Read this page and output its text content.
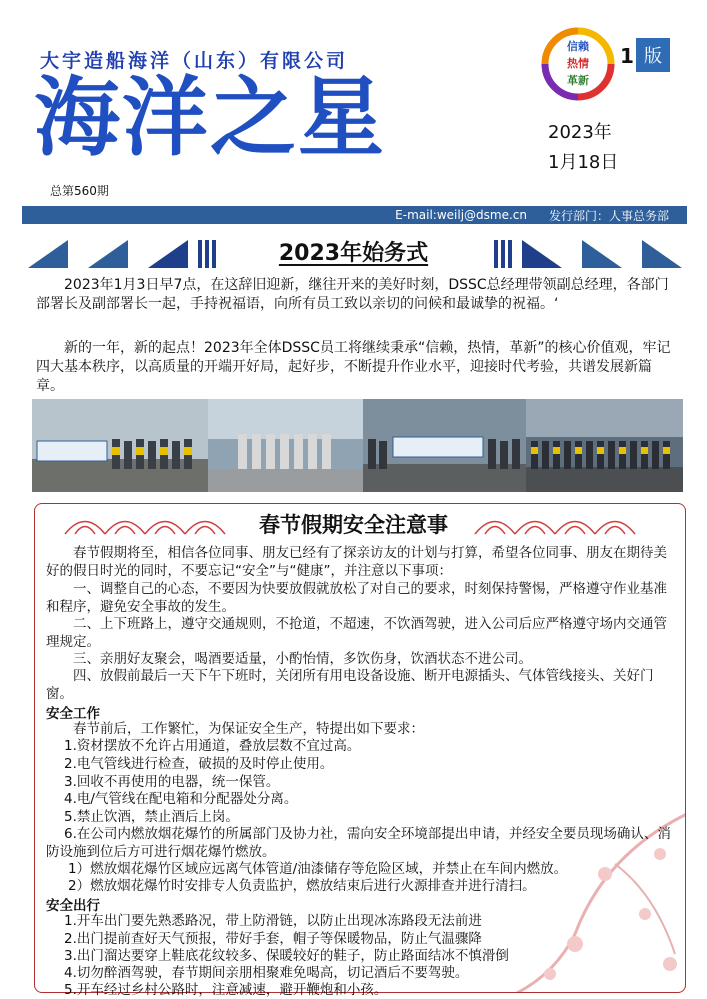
大宇造船海洋（山东）有限公司
海洋之星
总第560期
信赖
热情
革新
1 版
2023年
1月18日
E-mail:weilj@dsme.cn 发行部门：人事总务部
2023年始务式
2023年1月3日早7点，在这辞旧迎新，继往开来的美好时刻，DSSC总经理带领副总经理，各部门部署长及副部署长一起，手持祝福语，向所有员工致以亲切的问候和最诚挚的祝福。‘
新的一年，新的起点！2023年全体DSSC员工将继续秉承“信赖，热情，革新”的核心价值观，牢记四大基本秩序，以高质量的开端开好局，起好步，不断提升作业水平，迎接时代考验，共谱发展新篇章。
春节假期安全注意事
春节假期将至，相信各位同事、朋友已经有了探亲访友的计划与打算，希望各位同事、朋友在期待美好的假日时光的同时，不要忘记“安全”与“健康”，并注意以下事项：
一、调整自己的心态，不要因为快要放假就放松了对自己的要求，时刻保持警惕，严格遵守作业基准和程序，避免安全事故的发生。
二、上下班路上，遵守交通规则，不抢道，不超速，不饮酒驾驶，进入公司后应严格遵守场内交通管理规定。
三、亲朋好友聚会，喝酒要适量，小酌怡情，多饮伤身，饮酒状态不进公司。
四、放假前最后一天下午下班时，关闭所有用电设备设施、断开电源插头、气体管线接头、关好门窗。
安全工作
春节前后，工作繁忙，为保证安全生产，特提出如下要求：
1.资材摆放不允许占用通道，叠放层数不宜过高。
2.电气管线进行检查，破损的及时停止使用。
3.回收不再使用的电器，统一保管。
4.电/气管线在配电箱和分配器处分离。
5.禁止饮酒，禁止酒后上岗。
6.在公司内燃放烟花爆竹的所属部门及协力社，需向安全环境部提出申请，并经安全要员现场确认、消防设施到位后方可进行烟花爆竹燃放。
1）燃放烟花爆竹区域应远离气体管道/油漆储存等危险区域，并禁止在车间内燃放。
2）燃放烟花爆竹时安排专人负责监护，燃放结束后进行火源排查并进行清扫。
安全出行
1.开车出门要先熟悉路况，带上防滑链，以防止出现冰冻路段无法前进
2.出门提前查好天气预报，带好手套，帽子等保暖物品，防止气温骤降
3.出门溜达要穿上鞋底花纹较多、保暖较好的鞋子，防止路面结冰不慎滑倒
4.切勿醉酒驾驶，春节期间亲朋相聚难免喝高，切记酒后不要驾驶。
5.开车经过乡村公路时，注意减速，避开鞭炮和小孩。
